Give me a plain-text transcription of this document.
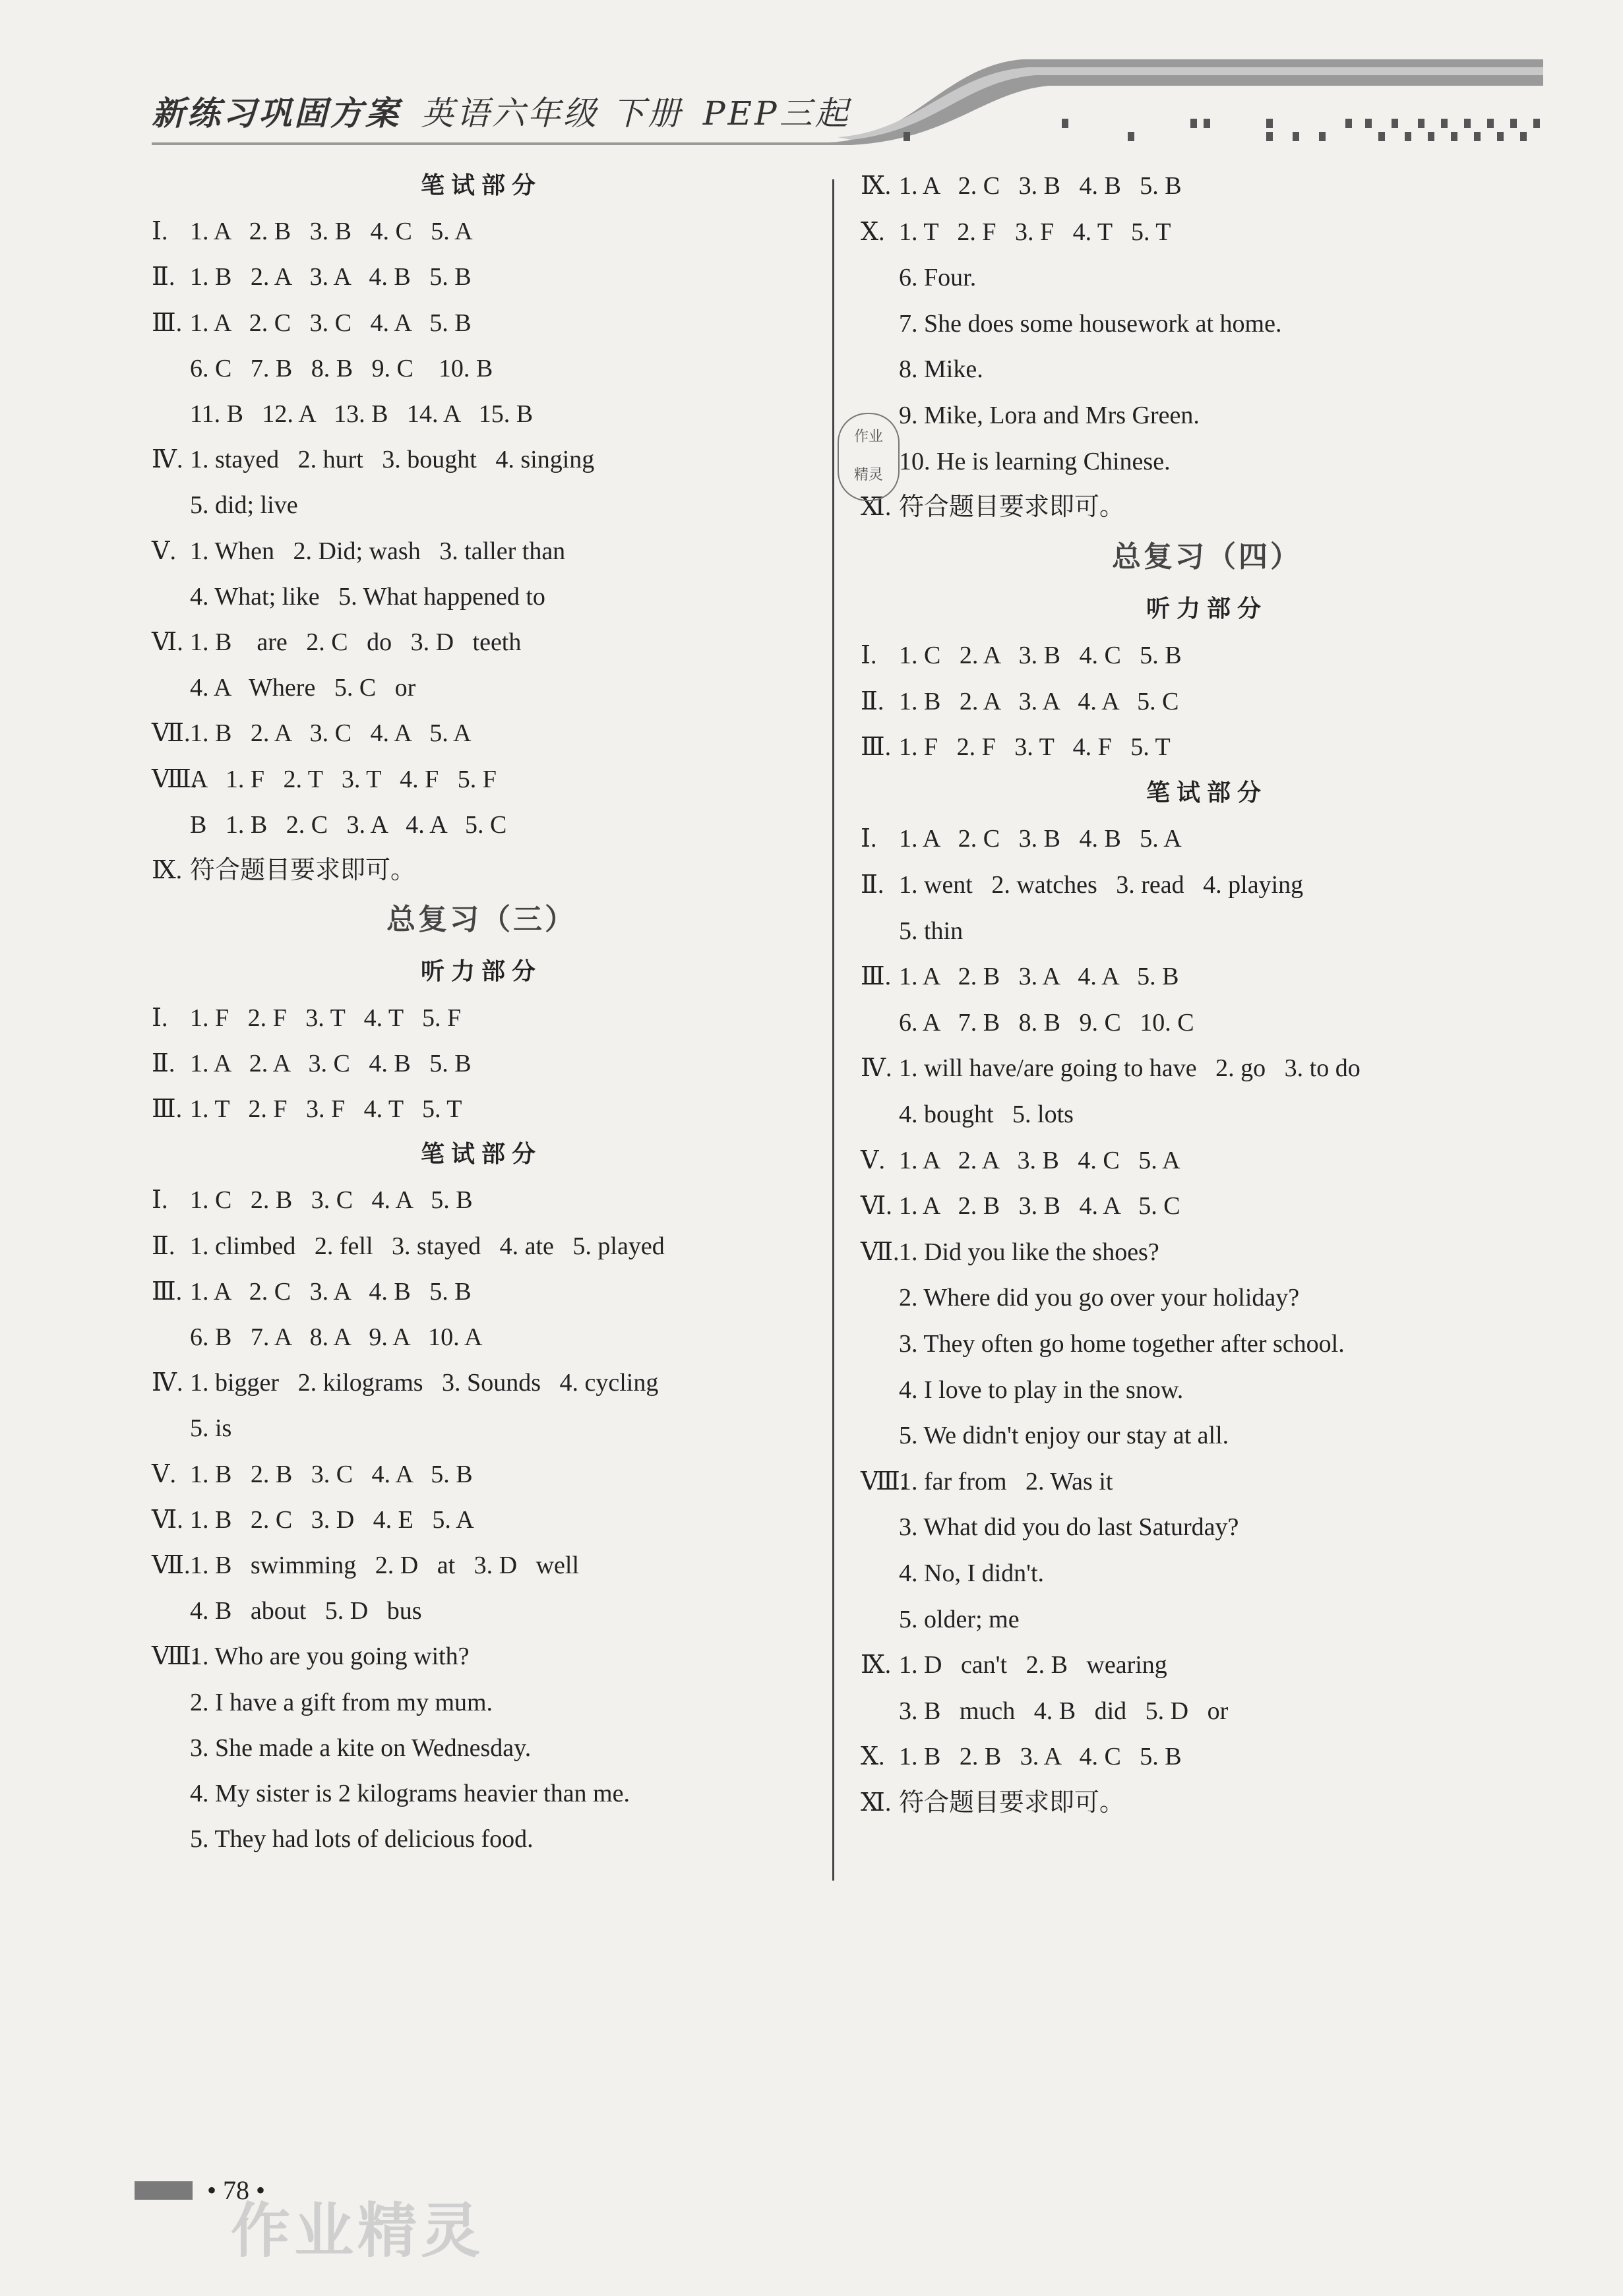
新练习巩固方案 英语六年级 下册 PEP三起
笔试部分
Ⅰ. 1. A   2. B   3. B   4. C   5. A
Ⅱ. 1. B   2. A   3. A   4. B   5. B
Ⅲ. 1. A   2. C   3. C   4. A   5. B
6. C   7. B   8. B   9. C    10. B
11. B   12. A   13. B   14. A   15. B
Ⅳ. 1. stayed   2. hurt   3. bought   4. singing
5. did; live
Ⅴ. 1. When   2. Did; wash   3. taller than
4. What; like   5. What happened to
Ⅵ. 1. B    are   2. C   do   3. D   teeth
4. A   Where   5. C   or
Ⅶ.1. B   2. A   3. C   4. A   5. A
Ⅷ.A   1. F   2. T   3. T   4. F   5. F
B   1. B   2. C   3. A   4. A   5. C
Ⅸ. 符合题目要求即可。
总复习（三）
听力部分
Ⅰ. 1. F   2. F   3. T   4. T   5. F
Ⅱ. 1. A   2. A   3. C   4. B   5. B
Ⅲ. 1. T   2. F   3. F   4. T   5. T
笔试部分
Ⅰ. 1. C   2. B   3. C   4. A   5. B
Ⅱ. 1. climbed   2. fell   3. stayed   4. ate   5. played
Ⅲ. 1. A   2. C   3. A   4. B   5. B
6. B   7. A   8. A   9. A   10. A
Ⅳ. 1. bigger   2. kilograms   3. Sounds   4. cycling
5. is
Ⅴ. 1. B   2. B   3. C   4. A   5. B
Ⅵ. 1. B   2. C   3. D   4. E   5. A
Ⅶ.1. B   swimming   2. D   at   3. D   well
4. B   about   5. D   bus
Ⅷ.1. Who are you going with?
2. I have a gift from my mum.
3. She made a kite on Wednesday.
4. My sister is 2 kilograms heavier than me.
5. They had lots of delicious food.
Ⅸ. 1. A   2. C   3. B   4. B   5. B
Ⅹ. 1. T   2. F   3. F   4. T   5. T
6. Four.
7. She does some housework at home.
8. Mike.
9. Mike, Lora and Mrs Green.
10. He is learning Chinese.
Ⅺ. 符合题目要求即可。
总复习（四）
听力部分
Ⅰ. 1. C   2. A   3. B   4. C   5. B
Ⅱ. 1. B   2. A   3. A   4. A   5. C
Ⅲ. 1. F   2. F   3. T   4. F   5. T
笔试部分
Ⅰ. 1. A   2. C   3. B   4. B   5. A
Ⅱ. 1. went   2. watches   3. read   4. playing
5. thin
Ⅲ. 1. A   2. B   3. A   4. A   5. B
6. A   7. B   8. B   9. C   10. C
Ⅳ. 1. will have/are going to have   2. go   3. to do
4. bought   5. lots
Ⅴ. 1. A   2. A   3. B   4. C   5. A
Ⅵ. 1. A   2. B   3. B   4. A   5. C
Ⅶ.1. Did you like the shoes?
2. Where did you go over your holiday?
3. They often go home together after school.
4. I love to play in the snow.
5. We didn't enjoy our stay at all.
Ⅷ.1. far from   2. Was it
3. What did you do last Saturday?
4. No, I didn't.
5. older; me
Ⅸ. 1. D   can't   2. B   wearing
3. B   much   4. B   did   5. D   or
Ⅹ. 1. B   2. B   3. A   4. C   5. B
Ⅺ. 符合题目要求即可。
作业
精灵
• 78 •
作业精灵
